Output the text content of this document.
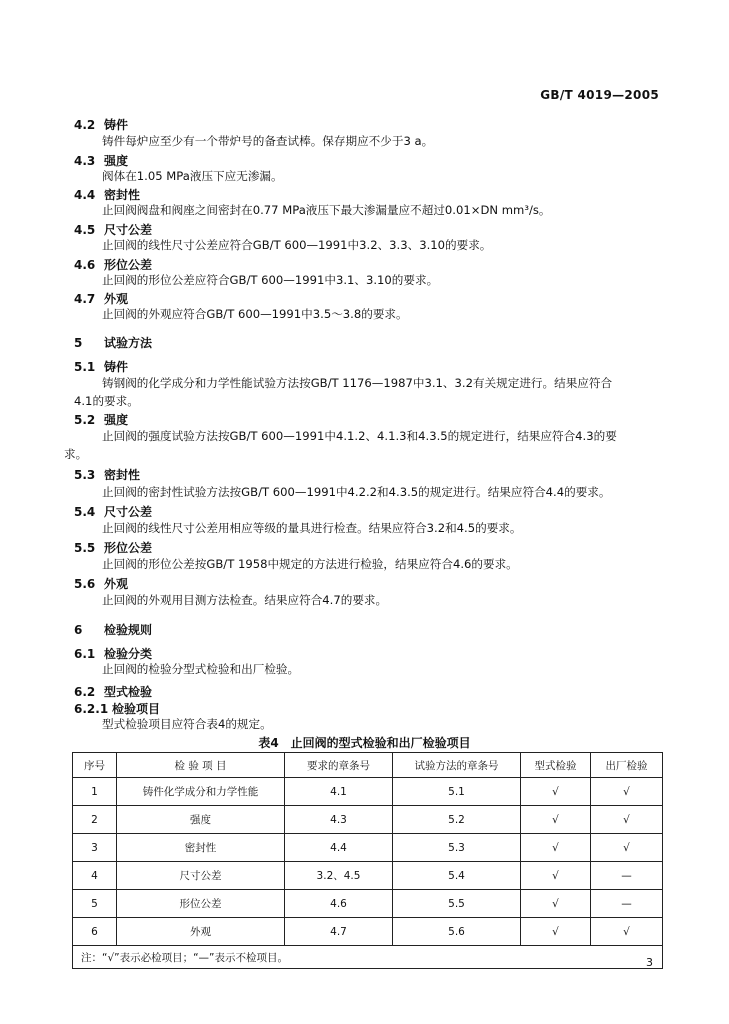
GB/T 4019—2005
4.2 铸件
铸件每炉应至少有一个带炉号的备查试棒。保存期应不少于3 a。
4.3 强度
阀体在1.05 MPa液压下应无渗漏。
4.4 密封性
止回阀阀盘和阀座之间密封在0.77 MPa液压下最大渗漏量应不超过0.01×DN mm³/s。
4.5 尺寸公差
止回阀的线性尺寸公差应符合GB/T 600—1991中3.2、3.3、3.10的要求。
4.6 形位公差
止回阀的形位公差应符合GB/T 600—1991中3.1、3.10的要求。
4.7 外观
止回阀的外观应符合GB/T 600—1991中3.5～3.8的要求。
5 试验方法
5.1 铸件
铸钢阀的化学成分和力学性能试验方法按GB/T 1176—1987中3.1、3.2有关规定进行。结果应符合
4.1的要求。
5.2 强度
止回阀的强度试验方法按GB/T 600—1991中4.1.2、4.1.3和4.3.5的规定进行，结果应符合4.3的要
求。
5.3 密封性
止回阀的密封性试验方法按GB/T 600—1991中4.2.2和4.3.5的规定进行。结果应符合4.4的要求。
5.4 尺寸公差
止回阀的线性尺寸公差用相应等级的量具进行检查。结果应符合3.2和4.5的要求。
5.5 形位公差
止回阀的形位公差按GB/T 1958中规定的方法进行检验，结果应符合4.6的要求。
5.6 外观
止回阀的外观用目测方法检查。结果应符合4.7的要求。
6 检验规则
6.1 检验分类
止回阀的检验分型式检验和出厂检验。
6.2 型式检验
6.2.1 检验项目
型式检验项目应符合表4的规定。
表4　止回阀的型式检验和出厂检验项目
序号	检 验 项 目	要求的章条号	试验方法的章条号	型式检验	出厂检验
1	铸件化学成分和力学性能	4.1	5.1	√	√
2	强度	4.3	5.2	√	√
3	密封性	4.4	5.3	√	√
4	尺寸公差	3.2、4.5	5.4	√	—
5	形位公差	4.6	5.5	√	—
6	外观	4.7	5.6	√	√
注：“√”表示必检项目；“—”表示不检项目。						3
